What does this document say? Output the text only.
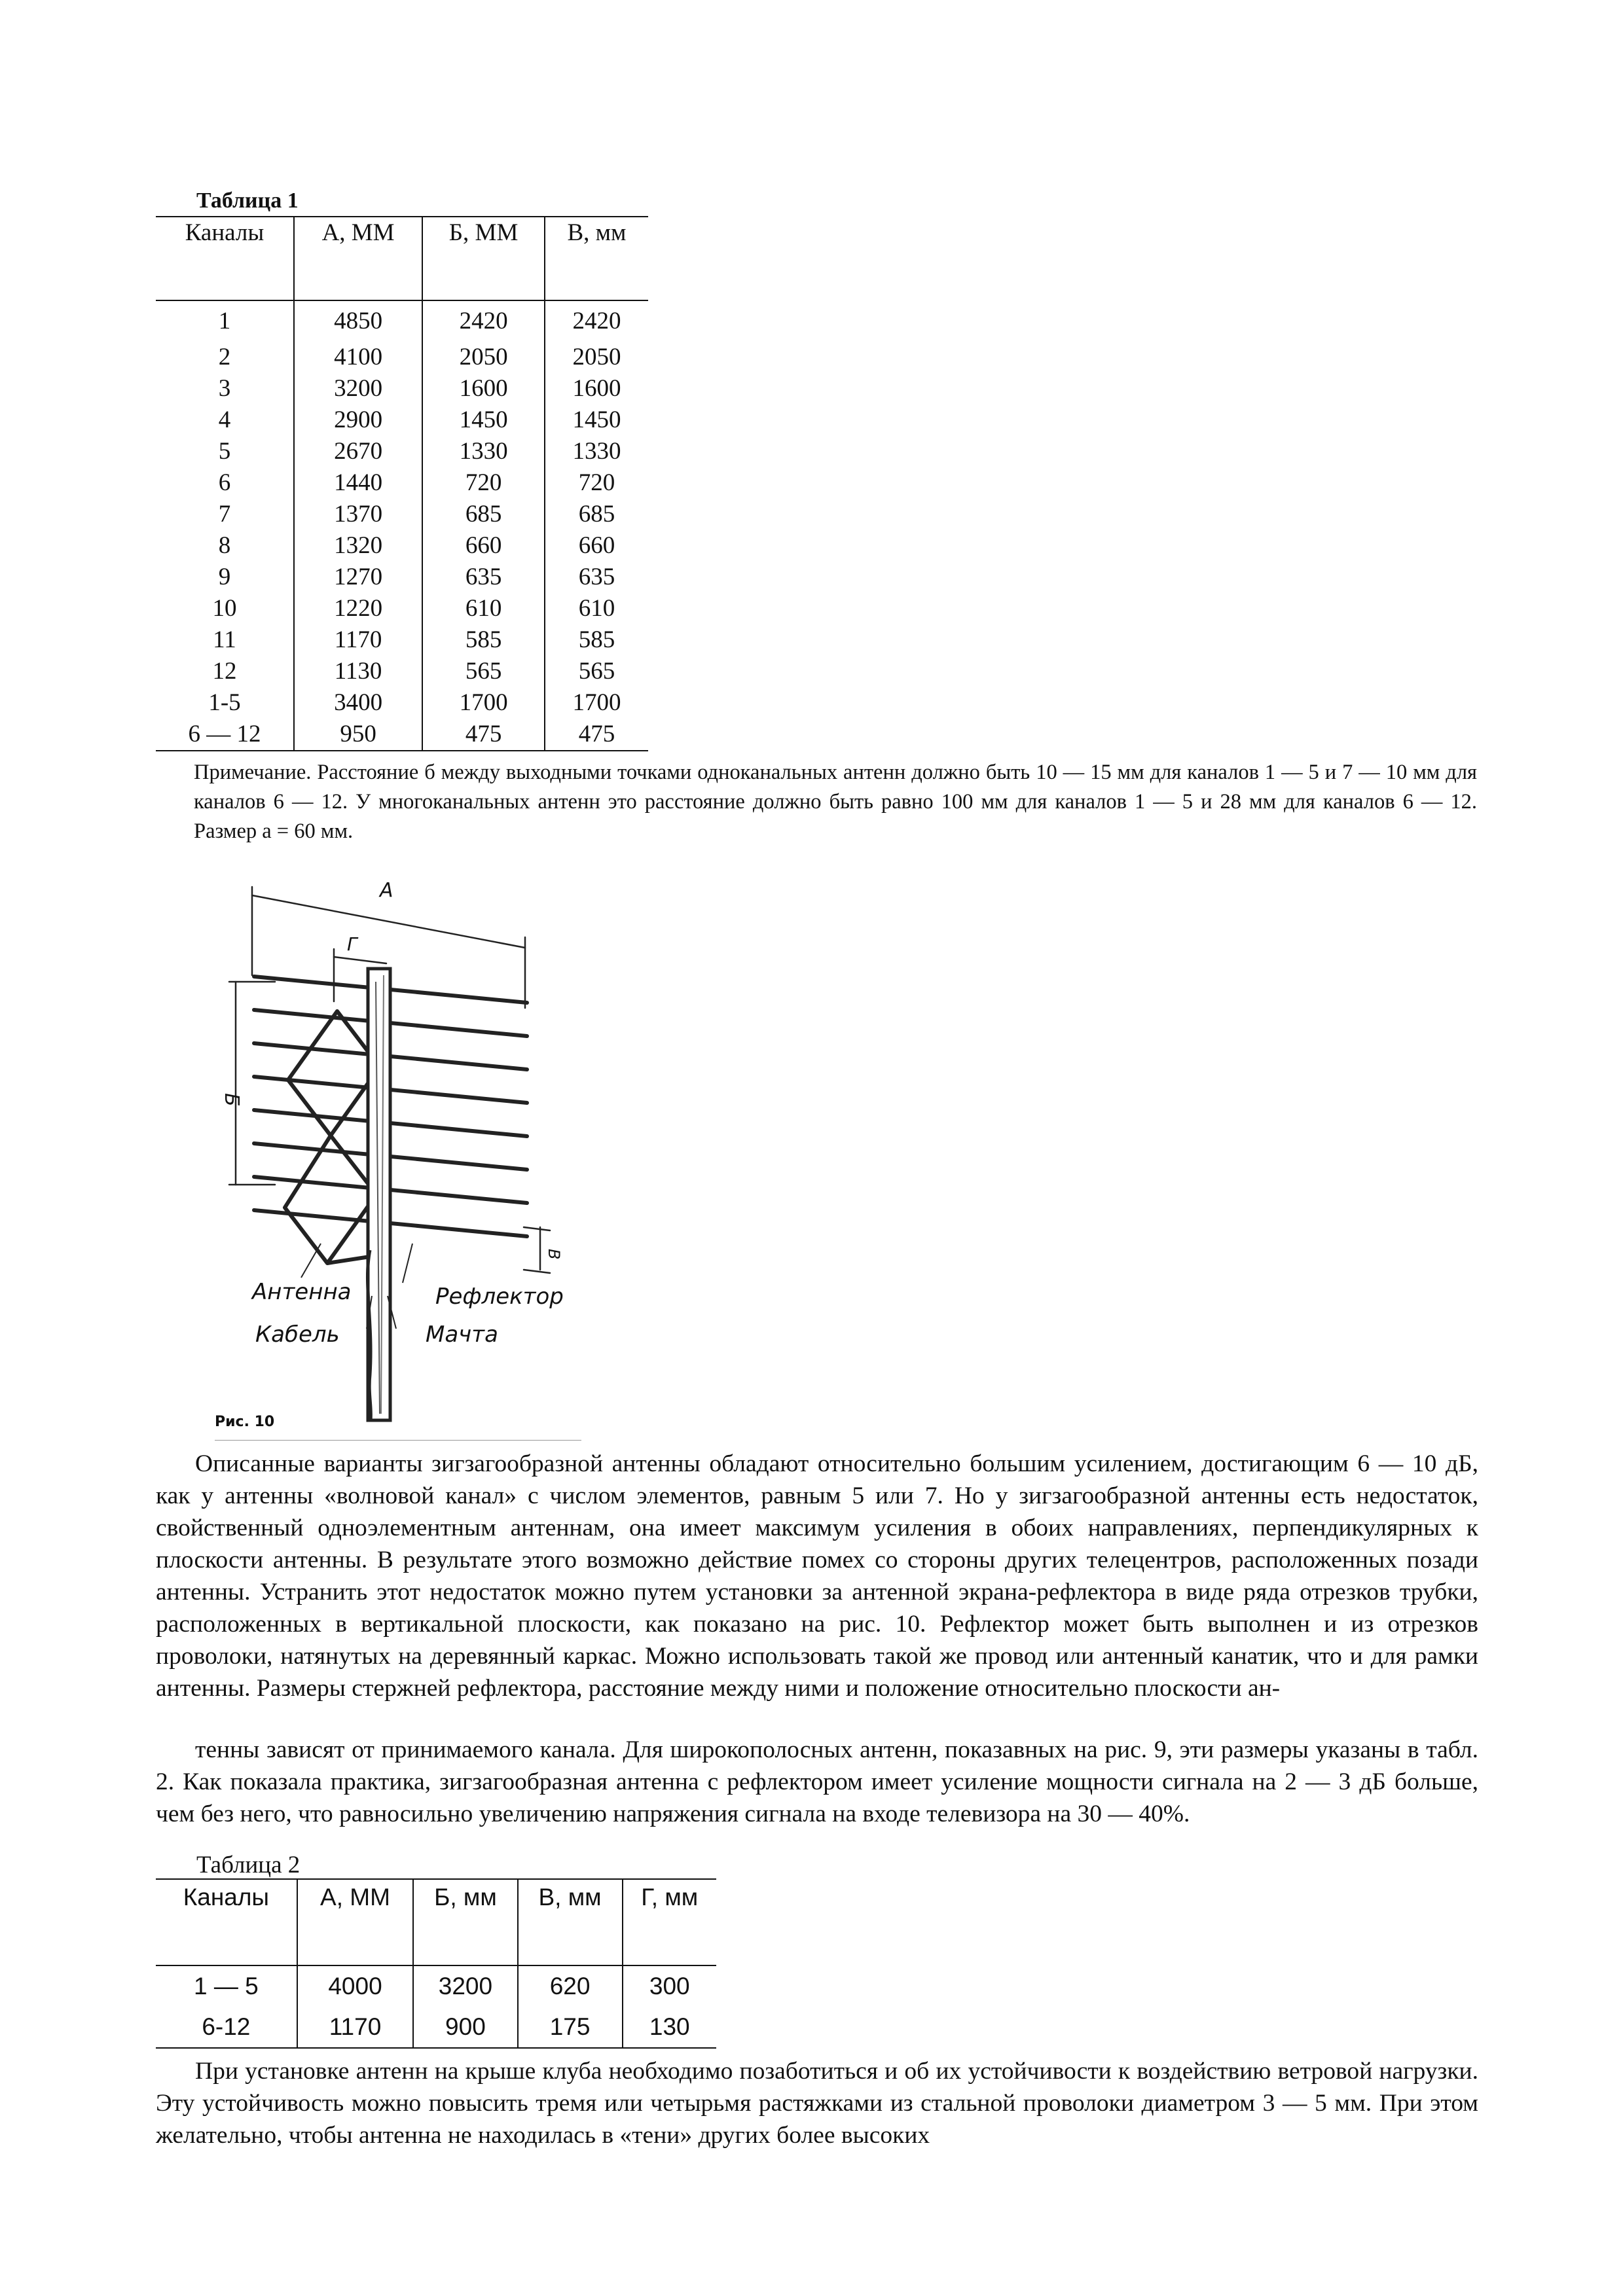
Таблица 1
Каналы	А, ММ	Б, ММ	В, мм

1	4850	2420	2420
2	4100	2050	2050
3	3200	1600	1600
4	2900	1450	1450
5	2670	1330	1330
6	1440	720	720
7	1370	685	685
8	1320	660	660
9	1270	635	635
10	1220	610	610
11	1170	585	585
12	1130	565	565
1-5	3400	1700	1700
6 — 12	950	475	475
Примечание. Расстояние б между выходными точками одноканальных антенн должно быть 10 — 15 мм для каналов 1 — 5 и 7 — 10 мм для каналов 6 — 12. У многоканальных антенн это расстояние должно быть равно 100 мм для каналов 1 — 5 и 28 мм для каналов 6 — 12. Размер а = 60 мм.
А
Г
Б
В
Антенна	Рефлектор
Кабель	Мачта
Рис. 10
Описанные варианты зигзагообразной антенны обладают относительно большим усилением, достигающим 6 — 10 дБ, как у антенны «волновой канал» с числом элементов, равным 5 или 7. Но у зигзагообразной антенны есть недостаток, свойственный одноэлементным антеннам, она имеет максимум усиления в обоих направлениях, перпендикулярных к плоскости антенны. В результате этого возможно действие помех со стороны других телецентров, расположенных позади антенны. Устранить этот недостаток можно путем установки за антенной экрана-рефлектора в виде ряда отрезков трубки, расположенных в вертикальной плоскости, как показано на рис. 10. Рефлектор может быть выполнен и из отрезков проволоки, натянутых на деревянный каркас. Можно использовать такой же провод или антенный канатик, что и для рамки антенны. Размеры стержней рефлектора, расстояние между ними и положение относительно плоскости ан-
тенны зависят от принимаемого канала. Для широкополосных антенн, показавных на рис. 9, эти размеры указаны в табл. 2. Как показала практика, зигзагообразная антенна с рефлектором имеет усиление мощности сигнала на 2 — 3 дБ больше, чем без него, что равносильно увеличению напряжения сигнала на входе телевизора на 30 — 40%.
Таблица 2
Каналы	А, ММ	Б, мм	В, мм	Г, мм

1 — 5	4000	3200	620	300
6-12	1170	900	175	130
При установке антенн на крыше клуба необходимо позаботиться и об их устойчивости к воздействию ветровой нагрузки. Эту устойчивость можно повысить тремя или четырьмя растяжками из стальной проволоки диаметром 3 — 5 мм. При этом желательно, чтобы антенна не находилась в «тени» других более высоких
